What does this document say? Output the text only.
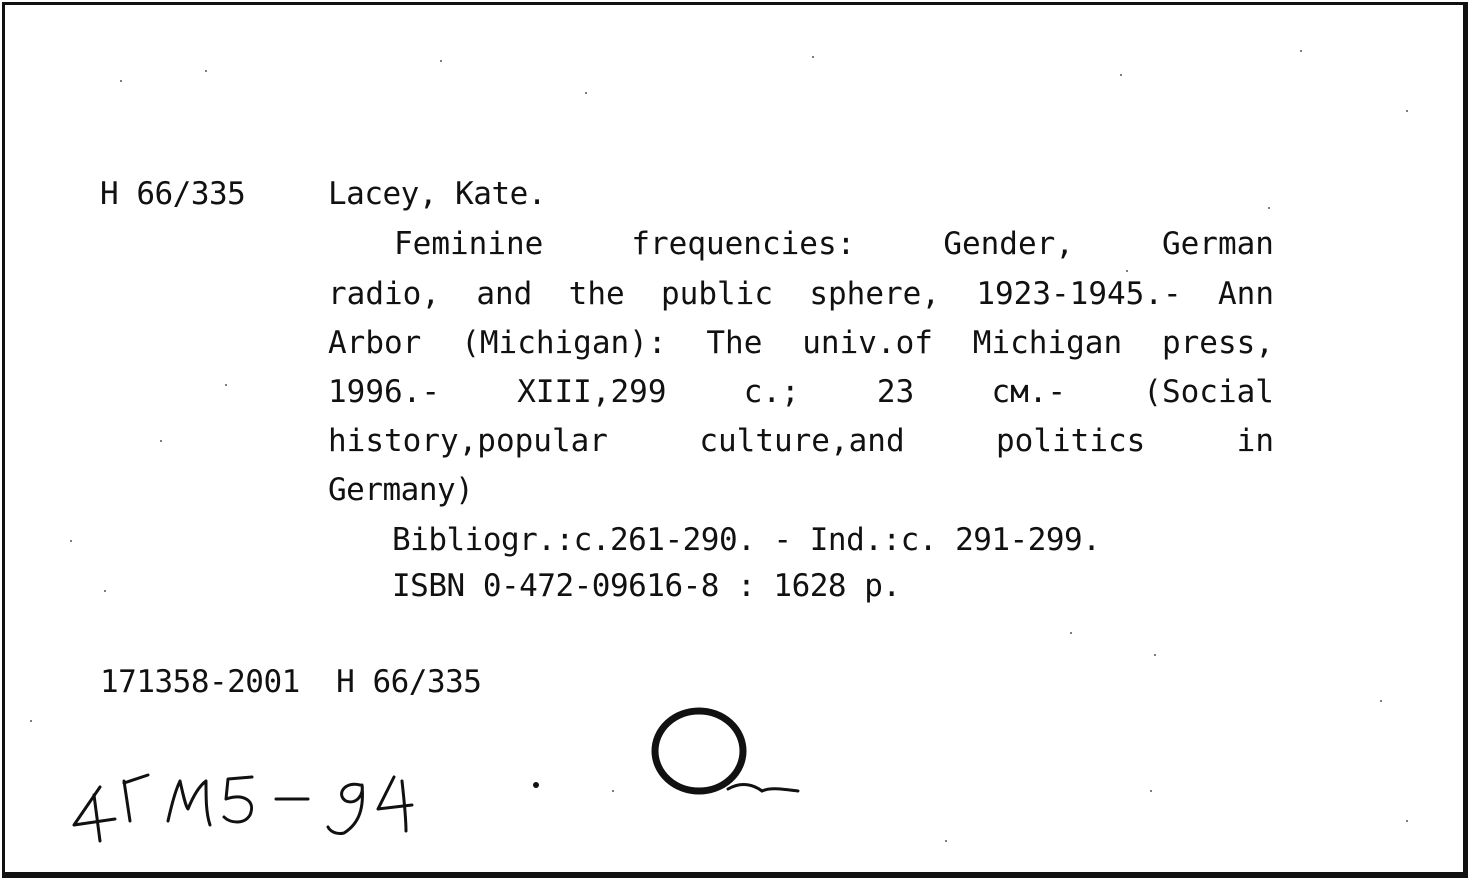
H 66/335	Lacey, Kate.
Feminine	frequencies:	Gender,	German
radio, and the public sphere, 1923-1945.- Ann
Arbor (Michigan): The univ.of Michigan press,
1996.- XIII,299 c.; 23 см.- (Social
history,popular	culture,and	politics	in
Germany)
Bibliogr.:c.261-290. - Ind.:c. 291-299.
ISBN 0-472-09616-8 : 1628 p.
171358-2001  H 66/335
